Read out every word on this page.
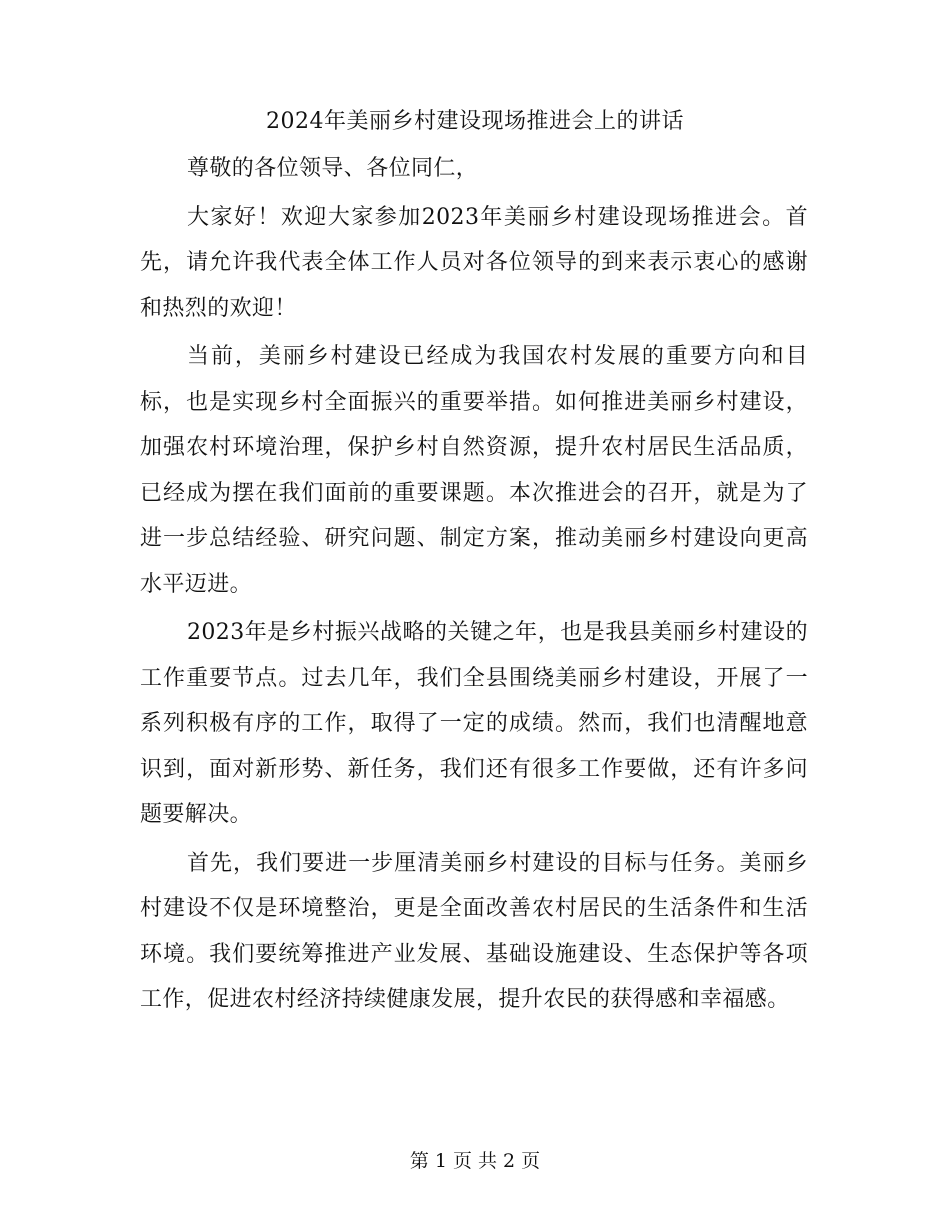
2024年美丽乡村建设现场推进会上的讲话

尊敬的各位领导、各位同仁，

大家好！欢迎大家参加2023年美丽乡村建设现场推进会。首先，请允许我代表全体工作人员对各位领导的到来表示衷心的感谢和热烈的欢迎！

当前，美丽乡村建设已经成为我国农村发展的重要方向和目标，也是实现乡村全面振兴的重要举措。如何推进美丽乡村建设，加强农村环境治理，保护乡村自然资源，提升农村居民生活品质，已经成为摆在我们面前的重要课题。本次推进会的召开，就是为了进一步总结经验、研究问题、制定方案，推动美丽乡村建设向更高水平迈进。

2023年是乡村振兴战略的关键之年，也是我县美丽乡村建设的工作重要节点。过去几年，我们全县围绕美丽乡村建设，开展了一系列积极有序的工作，取得了一定的成绩。然而，我们也清醒地意识到，面对新形势、新任务，我们还有很多工作要做，还有许多问题要解决。

首先，我们要进一步厘清美丽乡村建设的目标与任务。美丽乡村建设不仅是环境整治，更是全面改善农村居民的生活条件和生活环境。我们要统筹推进产业发展、基础设施建设、生态保护等各项工作，促进农村经济持续健康发展，提升农民的获得感和幸福感。

第 1 页 共 2 页
